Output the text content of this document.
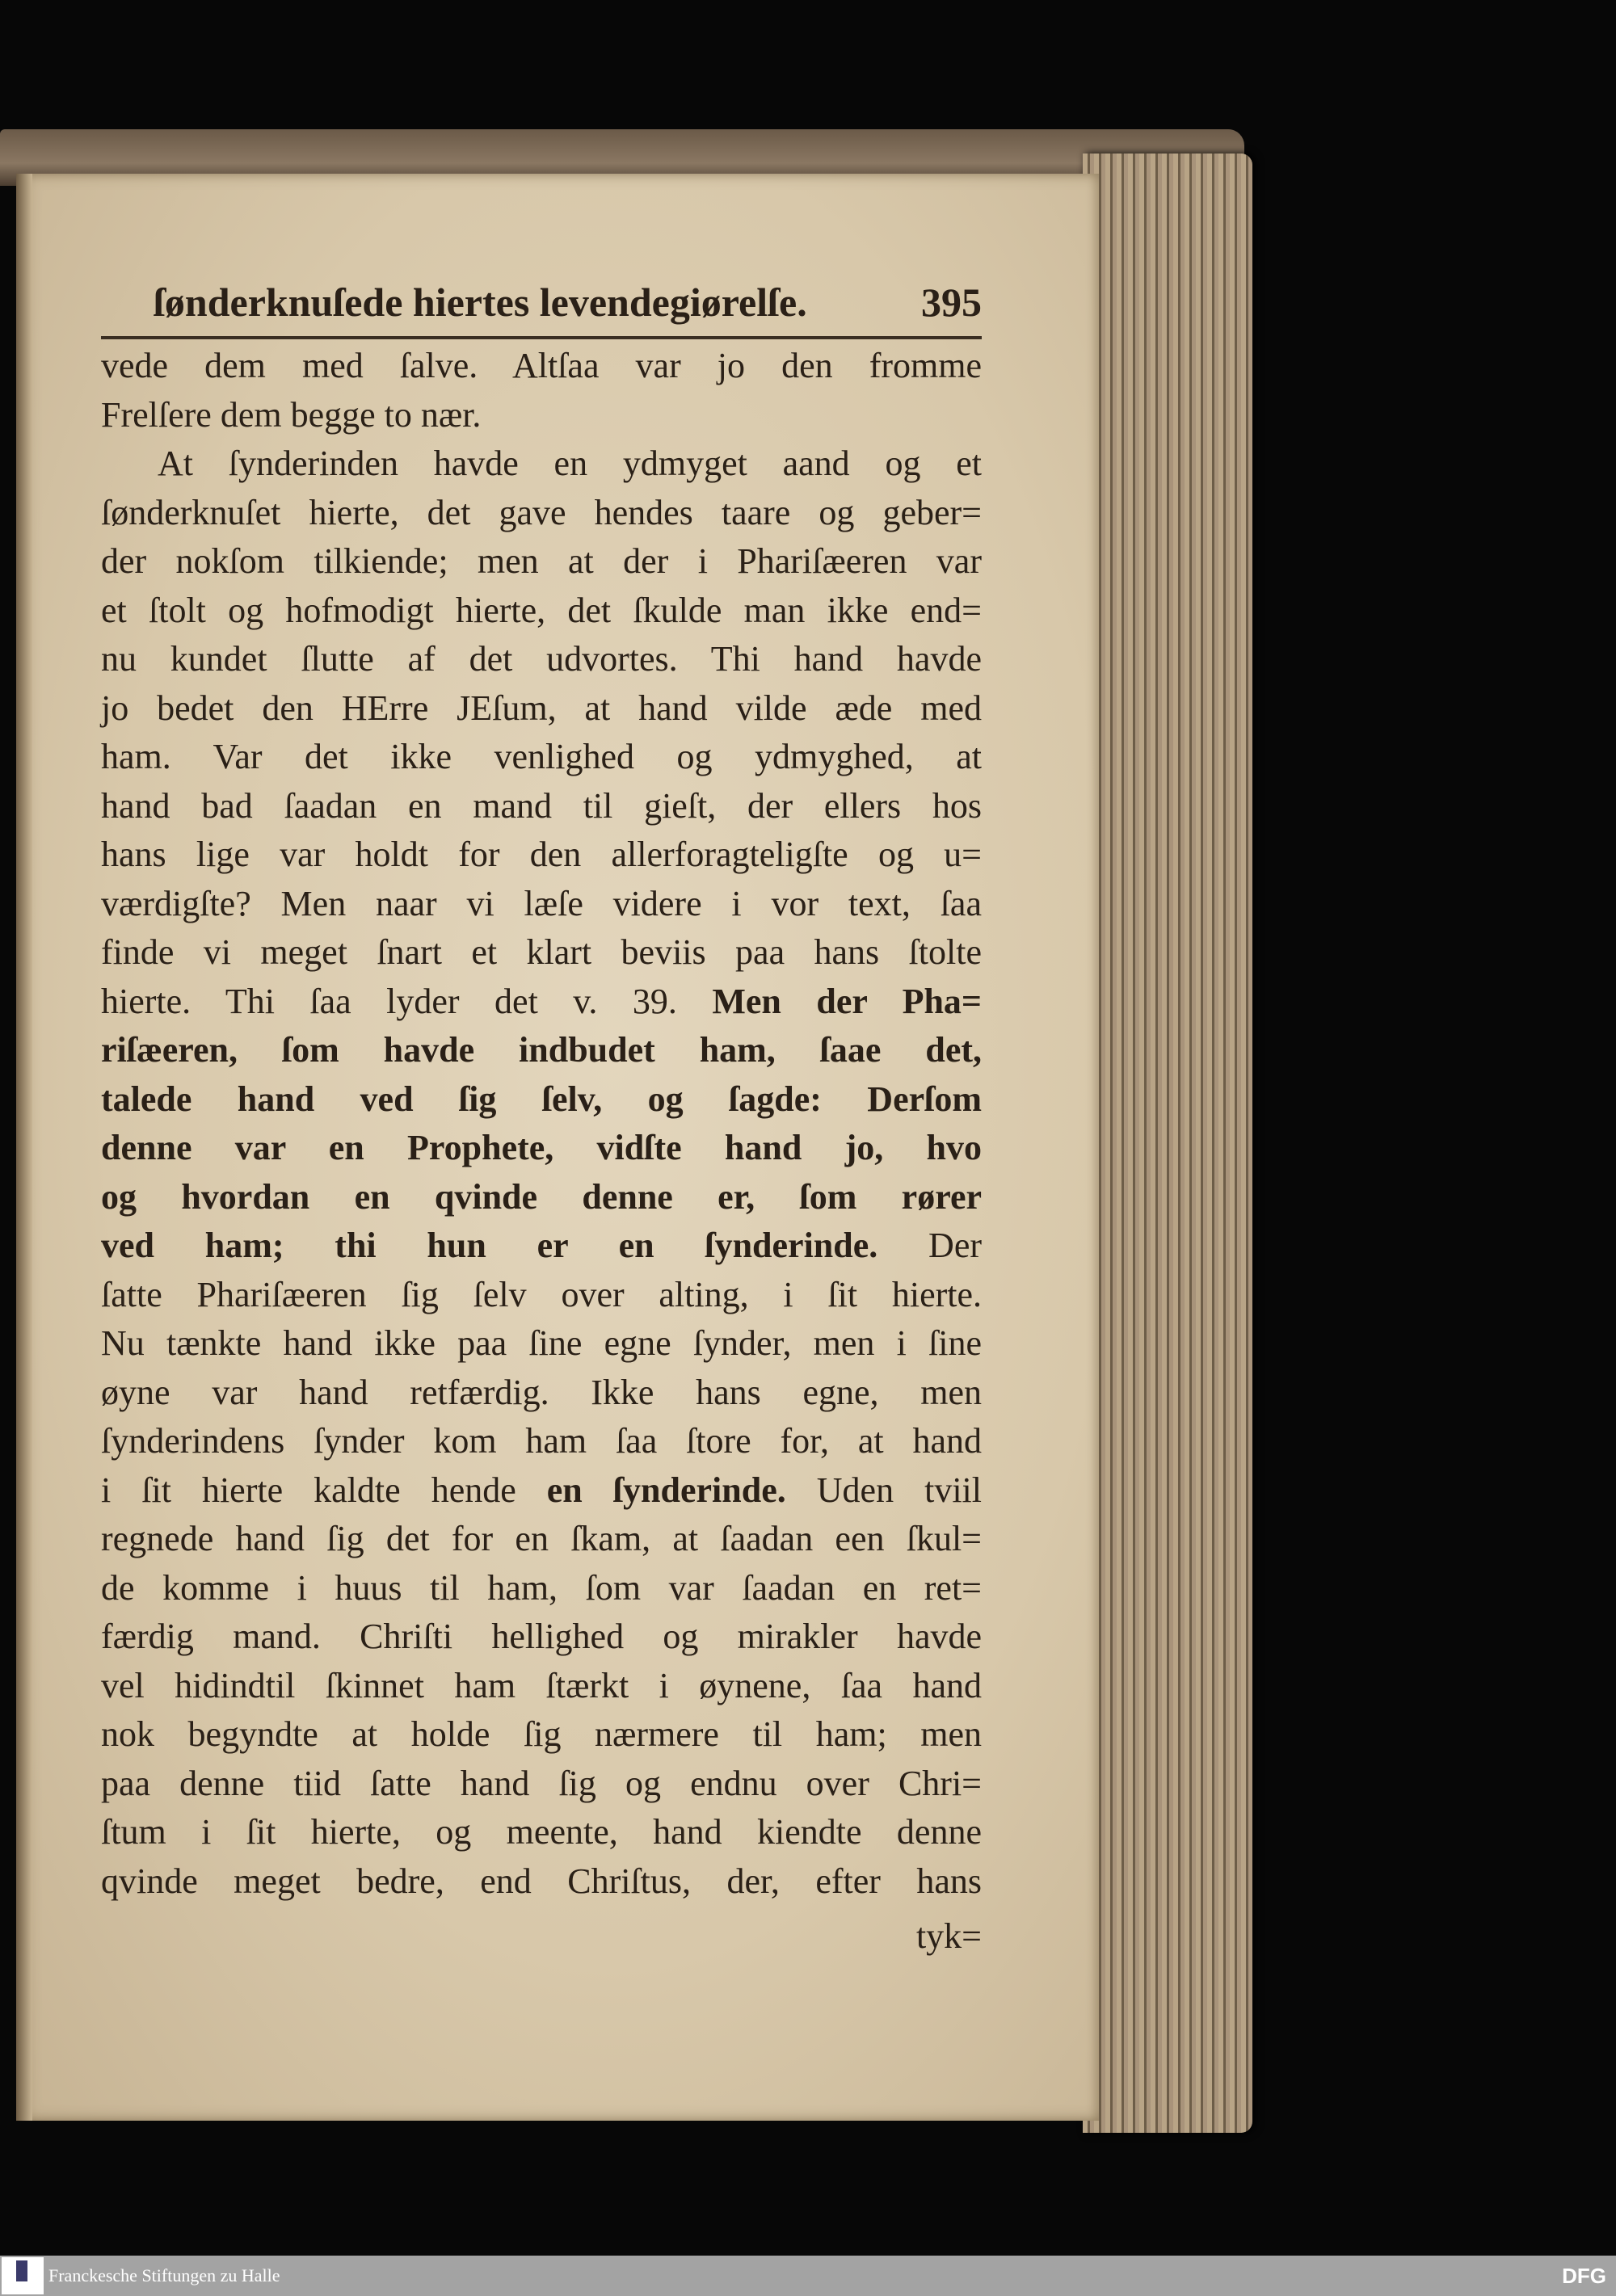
ſønderknuſede hiertes levendegiørelſe.	395
vede dem med ſalve. Altſaa var jo den fromme
Frelſere dem begge to nær.
At ſynderinden havde en ydmyget aand og et
ſønderknuſet hierte, det gave hendes taare og geber=
der nokſom tilkiende; men at der i Phariſæeren var
et ſtolt og hofmodigt hierte, det ſkulde man ikke end=
nu kundet ſlutte af det udvortes. Thi hand havde
jo bedet den HErre JEſum, at hand vilde æde med
ham. Var det ikke venlighed og ydmyghed, at
hand bad ſaadan en mand til gieſt, der ellers hos
hans lige var holdt for den allerforagteligſte og u=
værdigſte? Men naar vi læſe videre i vor text, ſaa
finde vi meget ſnart et klart beviis paa hans ſtolte
hierte. Thi ſaa lyder det v. 39. Men der Pha=
riſæeren, ſom havde indbudet ham, ſaae det,
talede hand ved ſig ſelv, og ſagde: Derſom
denne var en Prophete, vidſte hand jo, hvo
og hvordan en qvinde denne er, ſom rører
ved ham; thi hun er en ſynderinde. Der
ſatte Phariſæeren ſig ſelv over alting, i ſit hierte.
Nu tænkte hand ikke paa ſine egne ſynder, men i ſine
øyne var hand retfærdig. Ikke hans egne, men
ſynderindens ſynder kom ham ſaa ſtore for, at hand
i ſit hierte kaldte hende en ſynderinde. Uden tviil
regnede hand ſig det for en ſkam, at ſaadan een ſkul=
de komme i huus til ham, ſom var ſaadan en ret=
færdig mand. Chriſti hellighed og mirakler havde
vel hidindtil ſkinnet ham ſtærkt i øynene, ſaa hand
nok begyndte at holde ſig nærmere til ham; men
paa denne tiid ſatte hand ſig og endnu over Chri=
ſtum i ſit hierte, og meente, hand kiendte denne
qvinde meget bedre, end Chriſtus, der, efter hans
tyk=
Franckesche Stiftungen zu Halle	DFG
